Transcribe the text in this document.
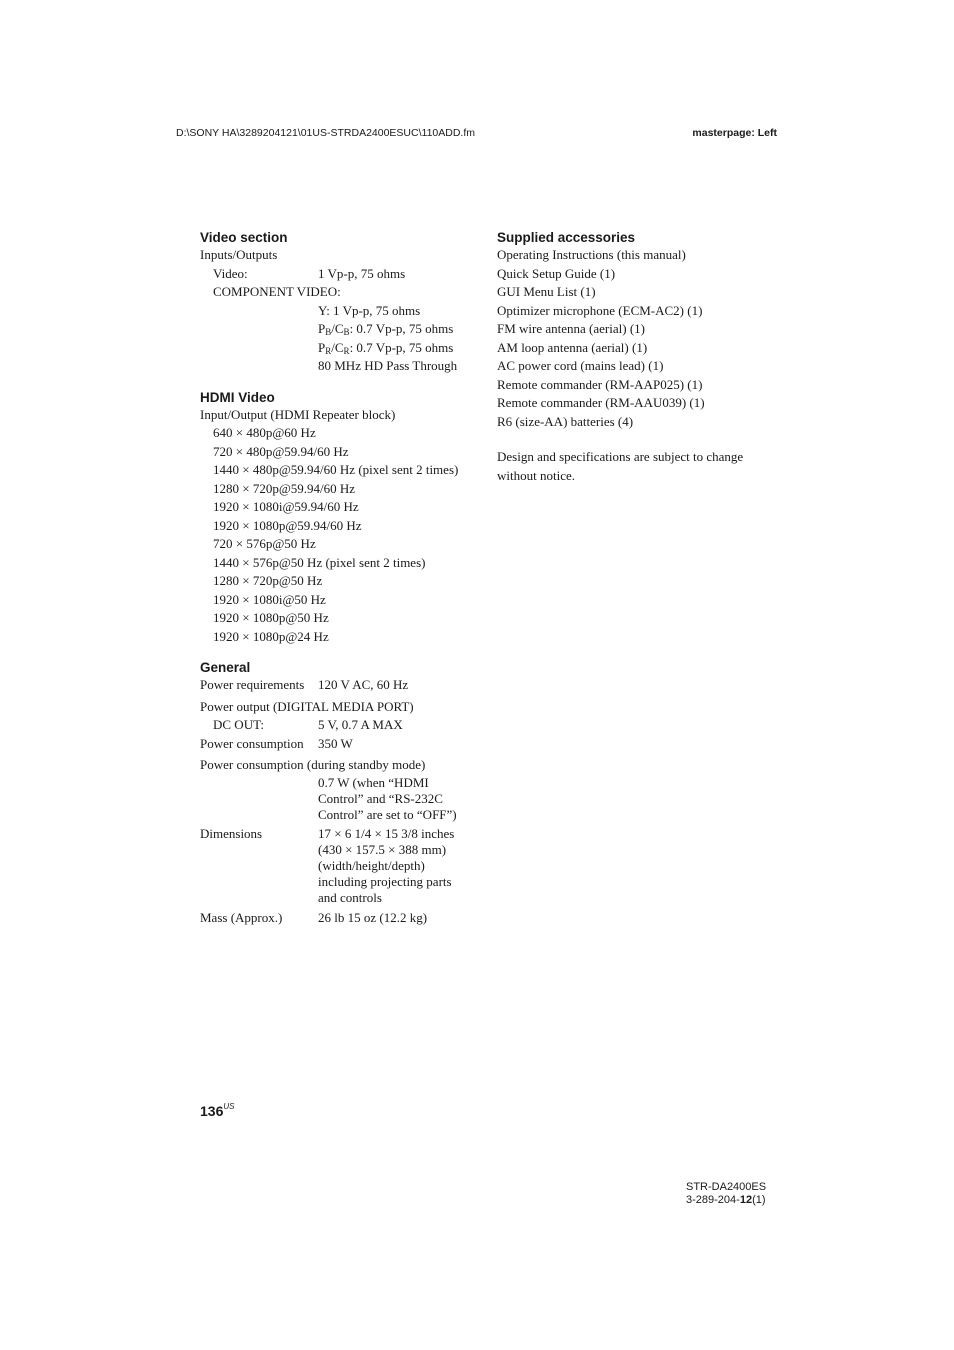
D:\SONY HA\3289204121\01US-STRDA2400ESUC\110ADD.fm	masterpage: Left
Video section
Inputs/Outputs
Video:	1 Vp-p, 75 ohms
COMPONENT VIDEO:
Y: 1 Vp-p, 75 ohms
$P_B/C_B$: 0.7 Vp-p, 75 ohms
$P_R/C_R$: 0.7 Vp-p, 75 ohms
80 MHz HD Pass Through
HDMI Video
Input/Output (HDMI Repeater block)
640 × 480p@60 Hz
720 × 480p@59.94/60 Hz
1440 × 480p@59.94/60 Hz (pixel sent 2 times)
1280 × 720p@59.94/60 Hz
1920 × 1080i@59.94/60 Hz
1920 × 1080p@59.94/60 Hz
720 × 576p@50 Hz
1440 × 576p@50 Hz (pixel sent 2 times)
1280 × 720p@50 Hz
1920 × 1080i@50 Hz
1920 × 1080p@50 Hz
1920 × 1080p@24 Hz
General
Power requirements	120 V AC, 60 Hz
Power output (DIGITAL MEDIA PORT)
DC OUT:	5 V, 0.7 A MAX
Power consumption	350 W
Power consumption (during standby mode)
0.7 W (when “HDMI
Control” and “RS-232C
Control” are set to “OFF”)
Dimensions	17 × 6 1/4 × 15 3/8 inches
(430 × 157.5 × 388 mm)
(width/height/depth)
including projecting parts
and controls
Mass (Approx.)	26 lb 15 oz (12.2 kg)
Supplied accessories
Operating Instructions (this manual)
Quick Setup Guide (1)
GUI Menu List (1)
Optimizer microphone (ECM-AC2) (1)
FM wire antenna (aerial) (1)
AM loop antenna (aerial) (1)
AC power cord (mains lead) (1)
Remote commander (RM-AAP025) (1)
Remote commander (RM-AAU039) (1)
R6 (size-AA) batteries (4)
Design and specifications are subject to change without notice.
$136^{US}$
STR-DA2400ES
3-289-204-12(1)
